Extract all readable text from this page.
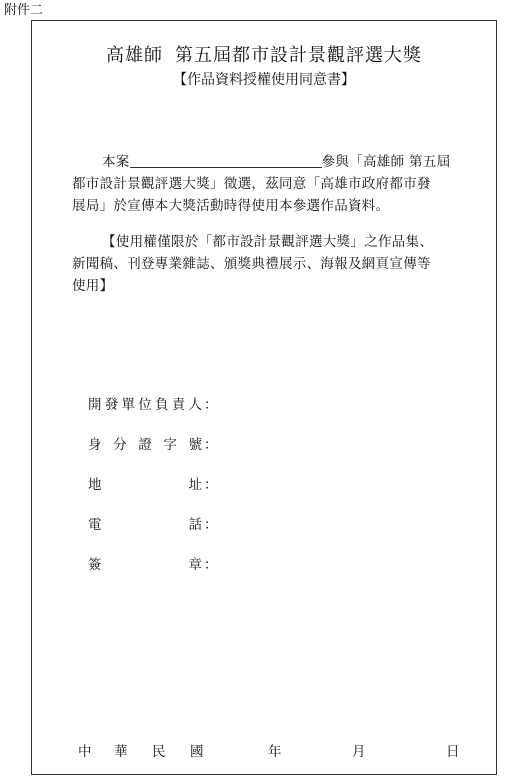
附件二
高雄師 第五屆都市設計景觀評選大獎
【作品資料授權使用同意書】
本案	參與「高雄師 第五屆
都市設計景觀評選大獎」徵選，茲同意「高雄市政府都市發
展局」於宣傳本大獎活動時得使用本參選作品資料。
【使用權僅限於「都市設計景觀評選大獎」之作品集、
新聞稿、刊登專業雜誌、頒獎典禮展示、海報及網頁宣傳等
使用】
開 發 單 位 負 責 人 ：
身 分 證 字 號 ：
地	址 ：
電	話 ：
簽	章 ：
中 華 民 國	年	月	日
